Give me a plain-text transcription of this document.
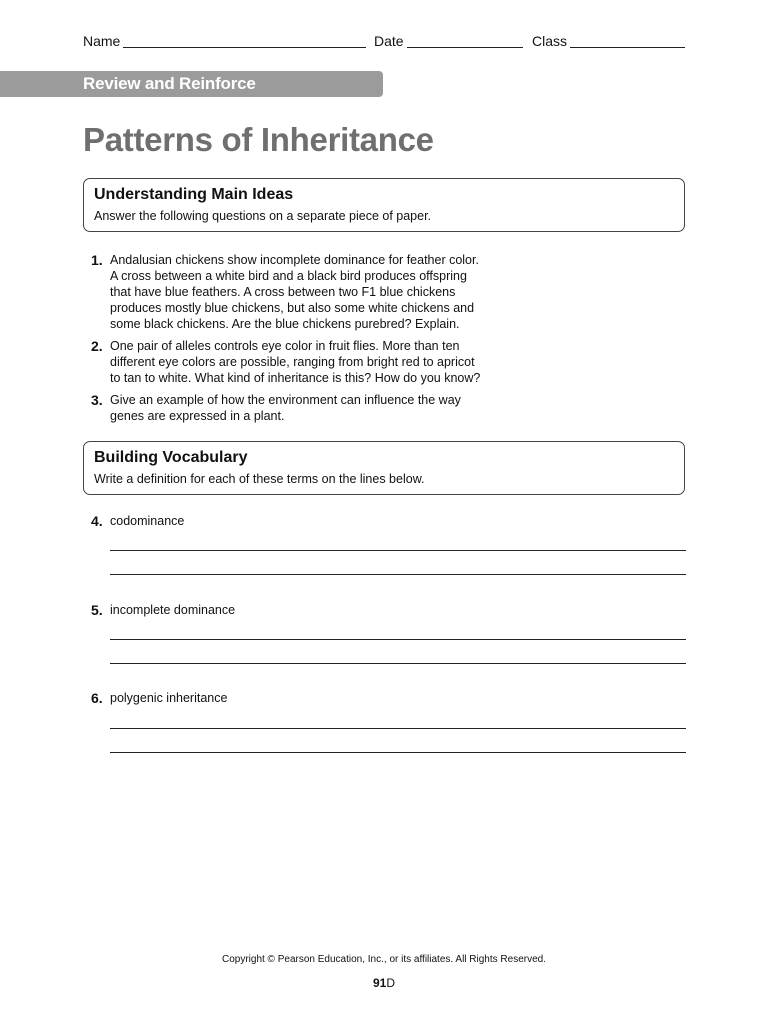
Name	Date	Class
Review and Reinforce
Patterns of Inheritance
Understanding Main Ideas
Answer the following questions on a separate piece of paper.
1. Andalusian chickens show incomplete dominance for feather color.
A cross between a white bird and a black bird produces offspring
that have blue feathers. A cross between two F1 blue chickens
produces mostly blue chickens, but also some white chickens and
some black chickens. Are the blue chickens purebred? Explain.
2. One pair of alleles controls eye color in fruit flies. More than ten
different eye colors are possible, ranging from bright red to apricot
to tan to white. What kind of inheritance is this? How do you know?
3. Give an example of how the environment can influence the way
genes are expressed in a plant.
Building Vocabulary
Write a definition for each of these terms on the lines below.
4. codominance
5. incomplete dominance
6. polygenic inheritance
Copyright © Pearson Education, Inc., or its affiliates. All Rights Reserved.
91D
